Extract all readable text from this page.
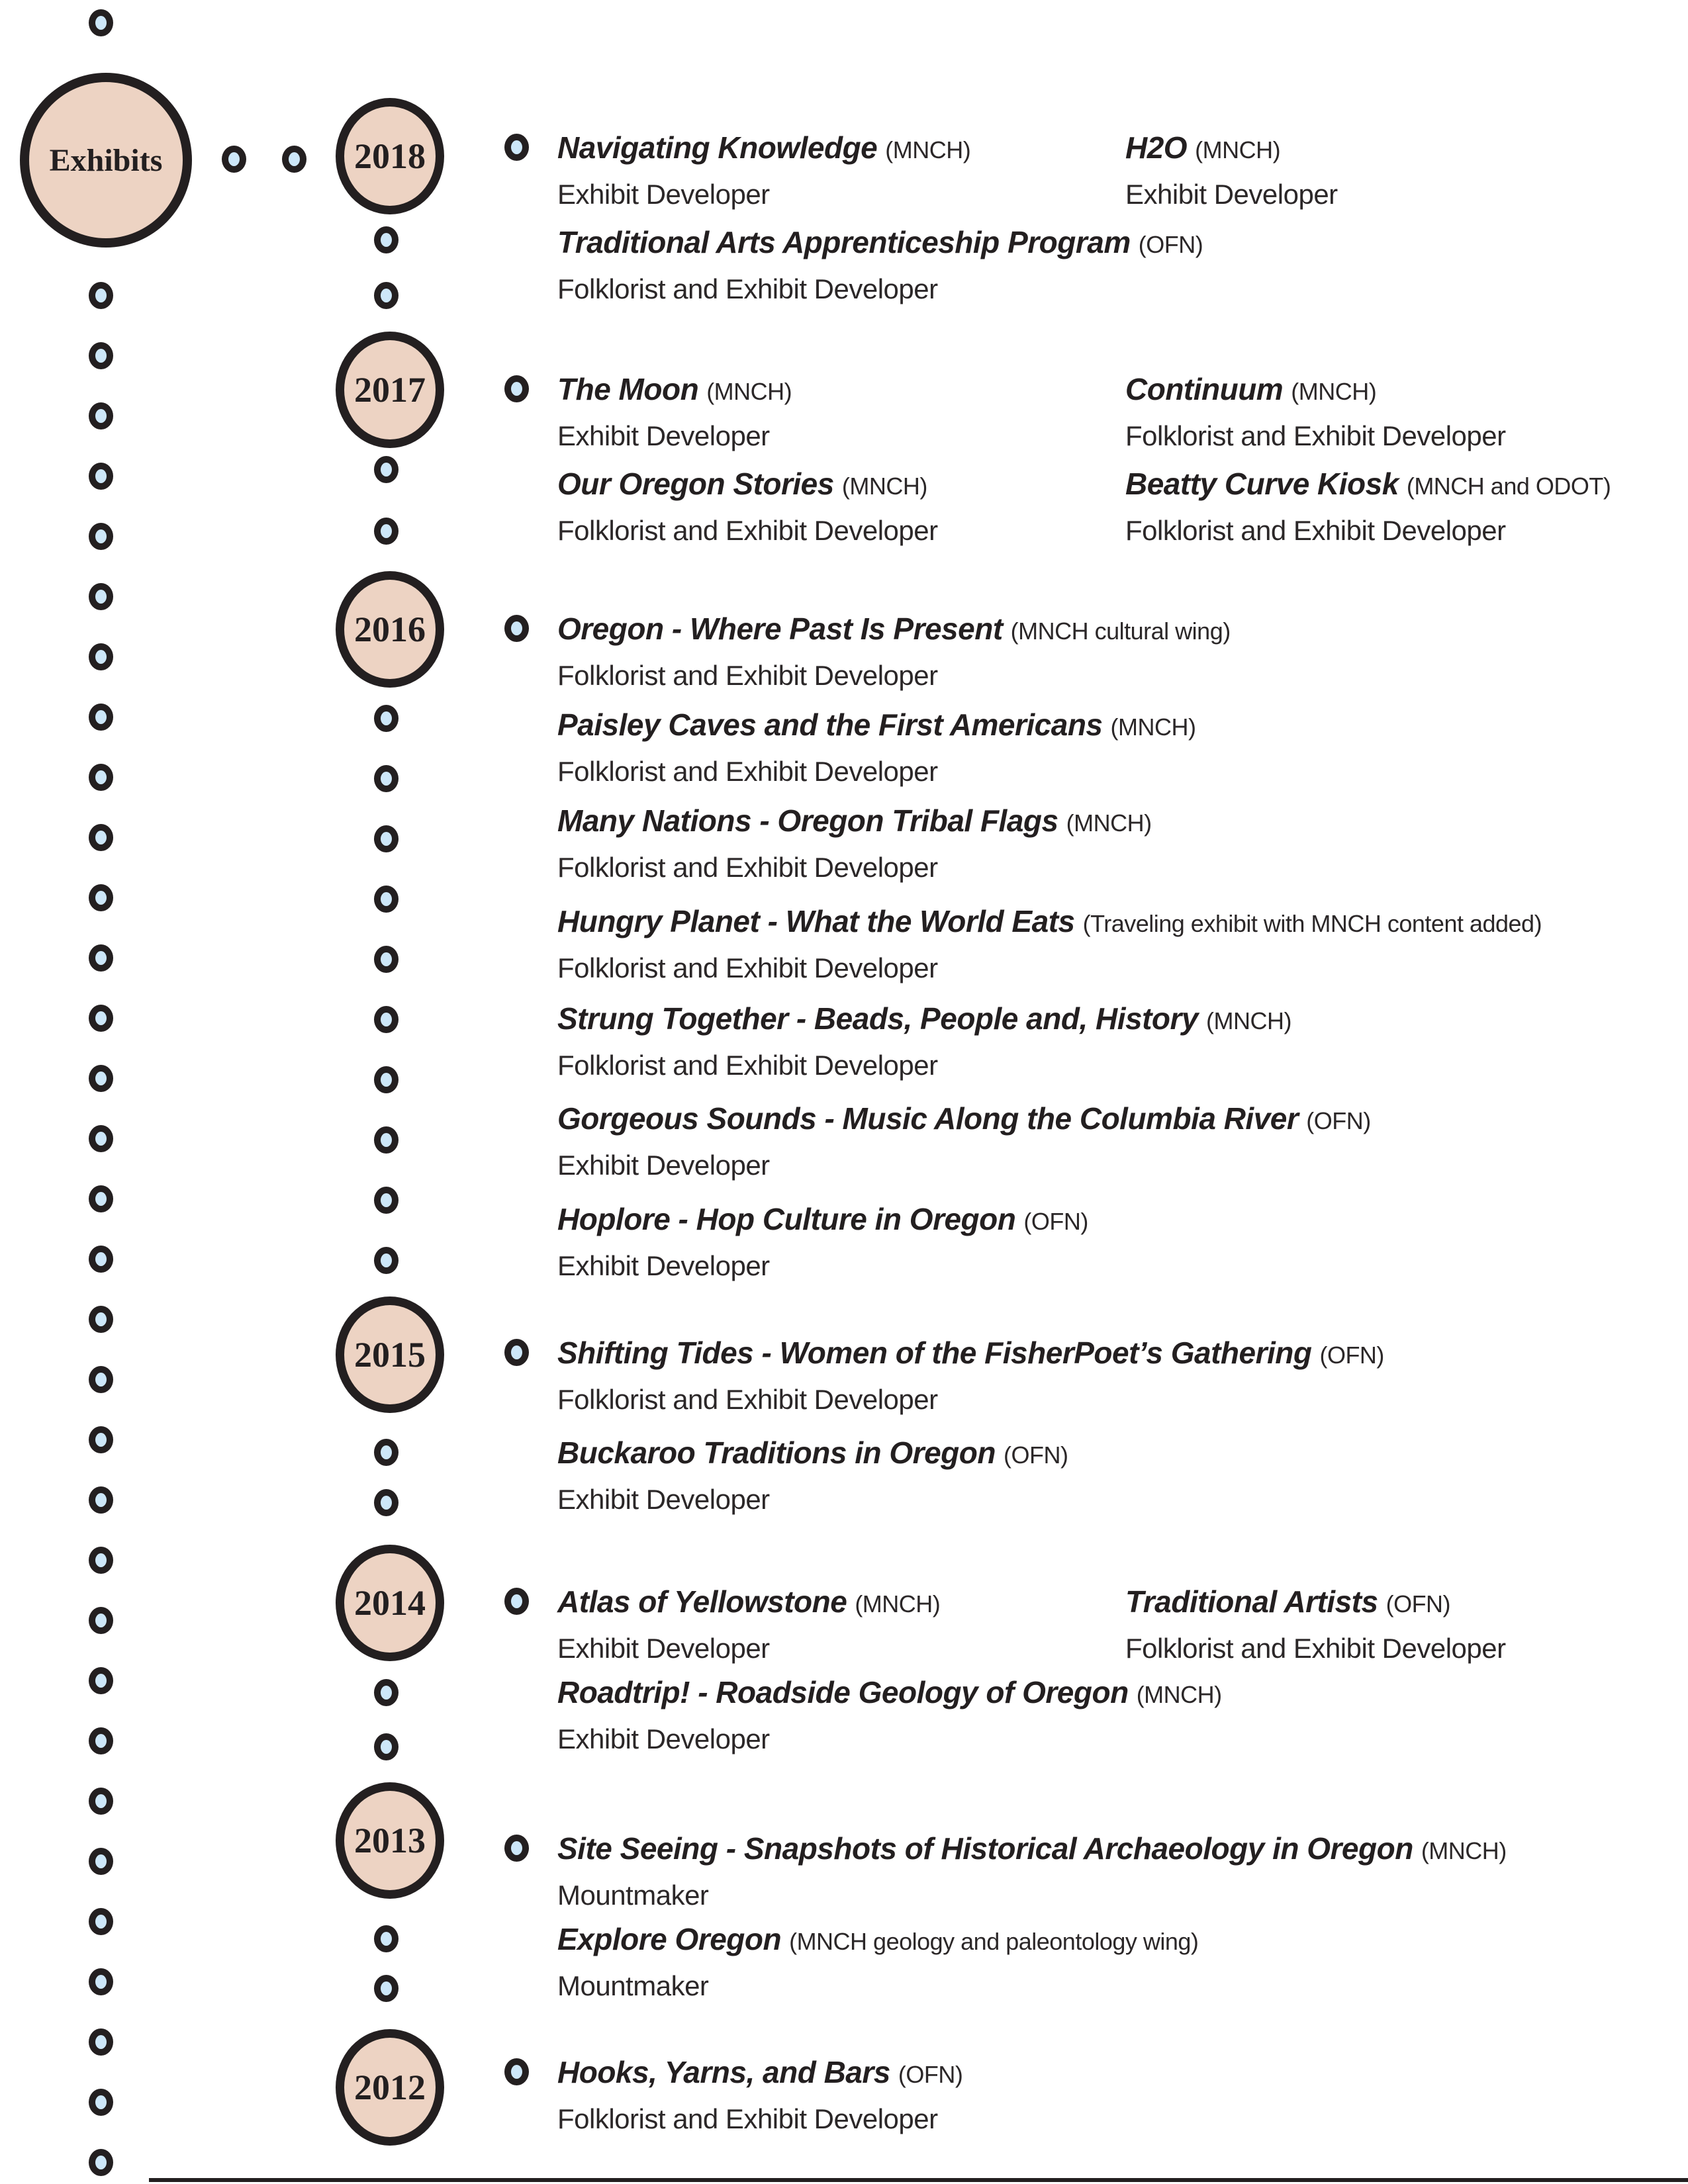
Exhibits	2018
2017
2016
2015
2014
2013
2012
Navigating Knowledge (MNCH)
Exhibit Developer
H2O (MNCH)
Exhibit Developer
Traditional Arts Apprenticeship Program (OFN)
Folklorist and Exhibit Developer
The Moon (MNCH)
Exhibit Developer
Continuum (MNCH)
Folklorist and Exhibit Developer
Our Oregon Stories (MNCH)
Folklorist and Exhibit Developer
Beatty Curve Kiosk (MNCH and ODOT)
Folklorist and Exhibit Developer
Oregon - Where Past Is Present (MNCH cultural wing)
Folklorist and Exhibit Developer
Paisley Caves and the First Americans (MNCH)
Folklorist and Exhibit Developer
Many Nations - Oregon Tribal Flags (MNCH)
Folklorist and Exhibit Developer
Hungry Planet - What the World Eats (Traveling exhibit with MNCH content added)
Folklorist and Exhibit Developer
Strung Together - Beads, People and, History (MNCH)
Folklorist and Exhibit Developer
Gorgeous Sounds - Music Along the Columbia River (OFN)
Exhibit Developer
Hoplore - Hop Culture in Oregon (OFN)
Exhibit Developer
Shifting Tides - Women of the FisherPoet’s Gathering (OFN)
Folklorist and Exhibit Developer
Buckaroo Traditions in Oregon (OFN)
Exhibit Developer
Atlas of Yellowstone (MNCH)
Exhibit Developer
Traditional Artists (OFN)
Folklorist and Exhibit Developer
Roadtrip! - Roadside Geology of Oregon (MNCH)
Exhibit Developer
Site Seeing - Snapshots of Historical Archaeology in Oregon (MNCH)
Mountmaker
Explore Oregon (MNCH geology and paleontology wing)
Mountmaker
Hooks, Yarns, and Bars (OFN)
Folklorist and Exhibit Developer
